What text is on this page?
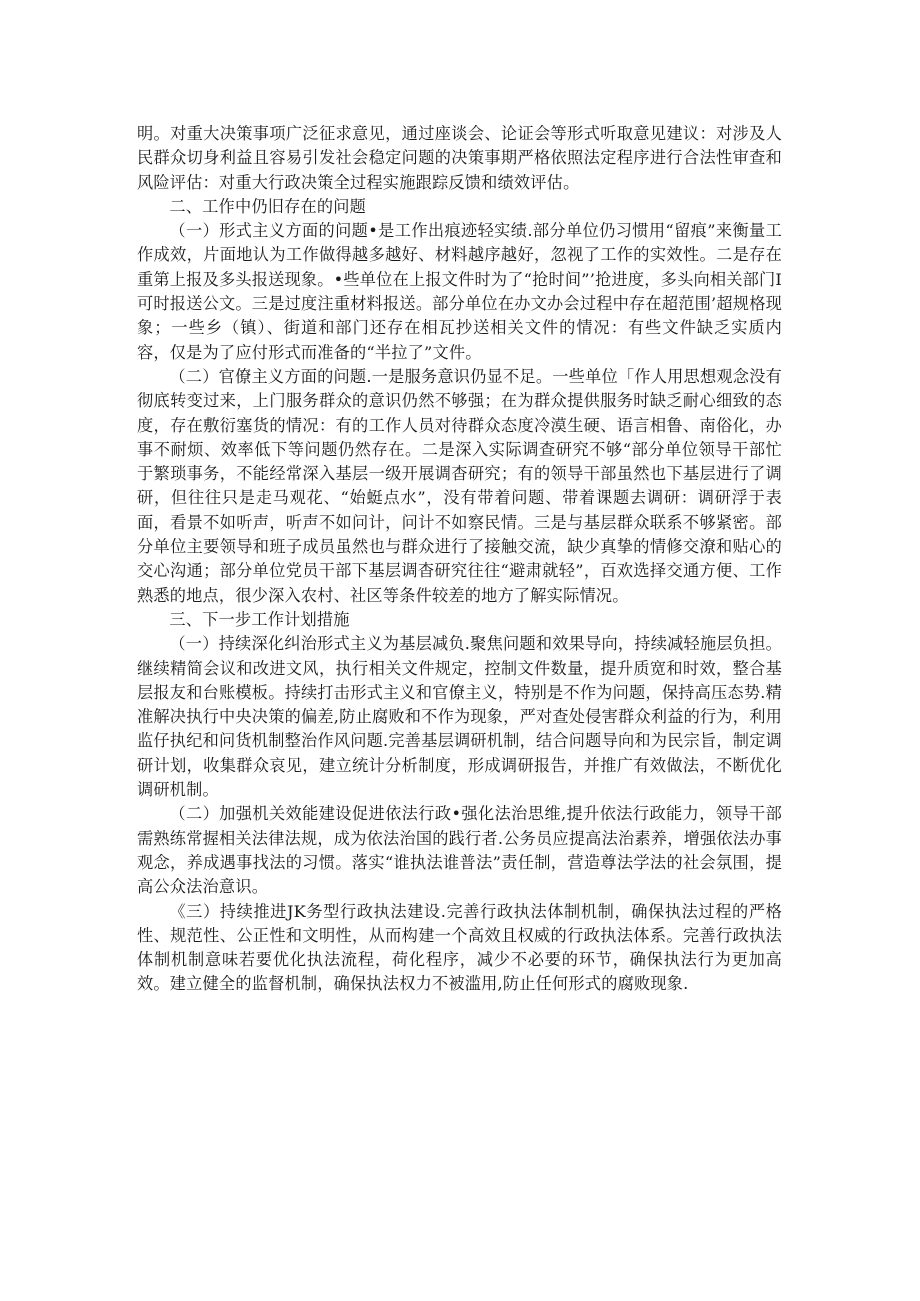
明。对重大决策事项广泛征求意见，通过座谈会、论证会等形式听取意见建议：对涉及人民群众切身利益且容易引发社会稳定问题的决策事期严格依照法定程序进行合法性审查和风险评估：对重大行政决策全过程实施跟踪反馈和绩效评估。

二、工作中仍旧存在的问题

（一）形式主义方面的问题•是工作出痕迹轻实绩.部分单位仍习惯用“留痕”来衡量工作成效，片面地认为工作做得越多越好、材料越序越好，忽视了工作的实效性。二是存在重第上报及多头报送现象。•些单位在上报文件时为了“抢时间”’抢进度，多头向相关部门I可时报送公文。三是过度注重材料报送。部分单位在办文办会过程中存在超范围’超规格现象；一些乡（镇）、街道和部门还存在相瓦抄送相关文件的情况：有些文件缺乏实质内容，仅是为了应付形式而准备的“半拉了”文件。

（二）官僚主义方面的问题.一是服务意识仍显不足。一些单位「作人用思想观念没有彻底转变过来，上门服务群众的意识仍然不够强；在为群众提供服务时缺乏耐心细致的态度，存在敷衍塞货的情况：有的工作人员对待群众态度冷漠生硬、语言相鲁、南俗化，办事不耐烦、效率低下等问题仍然存在。二是深入实际调查研究不够“部分单位领导干部忙于繁琐事务，不能经常深入基层一级开展调杳研究；有的领导干部虽然也下基层进行了调研，但往往只是走马观花、“始蜓点水”，没有带着问题、带着课题去调研：调研浮于表面，看景不如听声，听声不如问计，问计不如察民情。三是与基层群众联系不够紧密。部分单位主要领导和班子成员虽然也与群众进行了接触交流，缺少真挚的情修交潦和贴心的交心沟通；部分单位党员干部下基层调杳研究往往“避肃就轻”，百欢选择交通方便、工作熟悉的地点，很少深入农村、社区等条件较差的地方了解实际情况。

三、下一步工作计划措施

（一）持续深化纠治形式主义为基层减负.聚焦问题和效果导向，持续减轻施层负担。继续精简会议和改进文风，执行相关文件规定，控制文件数量，提升质宽和时效，整合基层报友和台账模板。持续打击形式主义和官僚主义，特别是不作为问题，保持高压态势.精准解决执行中央决策的偏差,防止腐败和不作为现象，严对查处侵害群众利益的行为，利用监仔执纪和问货机制整治作风问题.完善基层调研机制，结合问题导向和为民宗旨，制定调研计划，收集群众哀见，建立统计分析制度，形成调研报告，并推广有效做法，不断优化调研机制。

（二）加强机关效能建设促进依法行政•强化法治思维,提升依法行政能力，领导干部需熟练常握相关法律法规，成为依法治国的践行者.公务员应提高法治素养，增强依法办事观念，养成遇事找法的习惯。落实“谁执法谁普法”责任制，营造尊法学法的社会氛围，提高公众法治意识。

《三）持续推进JK务型行政执法建设.完善行政执法体制机制，确保执法过程的严格性、规范性、公正性和文明性，从而构建一个高效且权威的行政执法体系。完善行政执法体制机制意味若要优化执法流程，荷化程序，减少不必要的环节，确保执法行为更加高效。建立健全的监督机制，确保执法权力不被滥用,防止任何形式的腐败现象.
